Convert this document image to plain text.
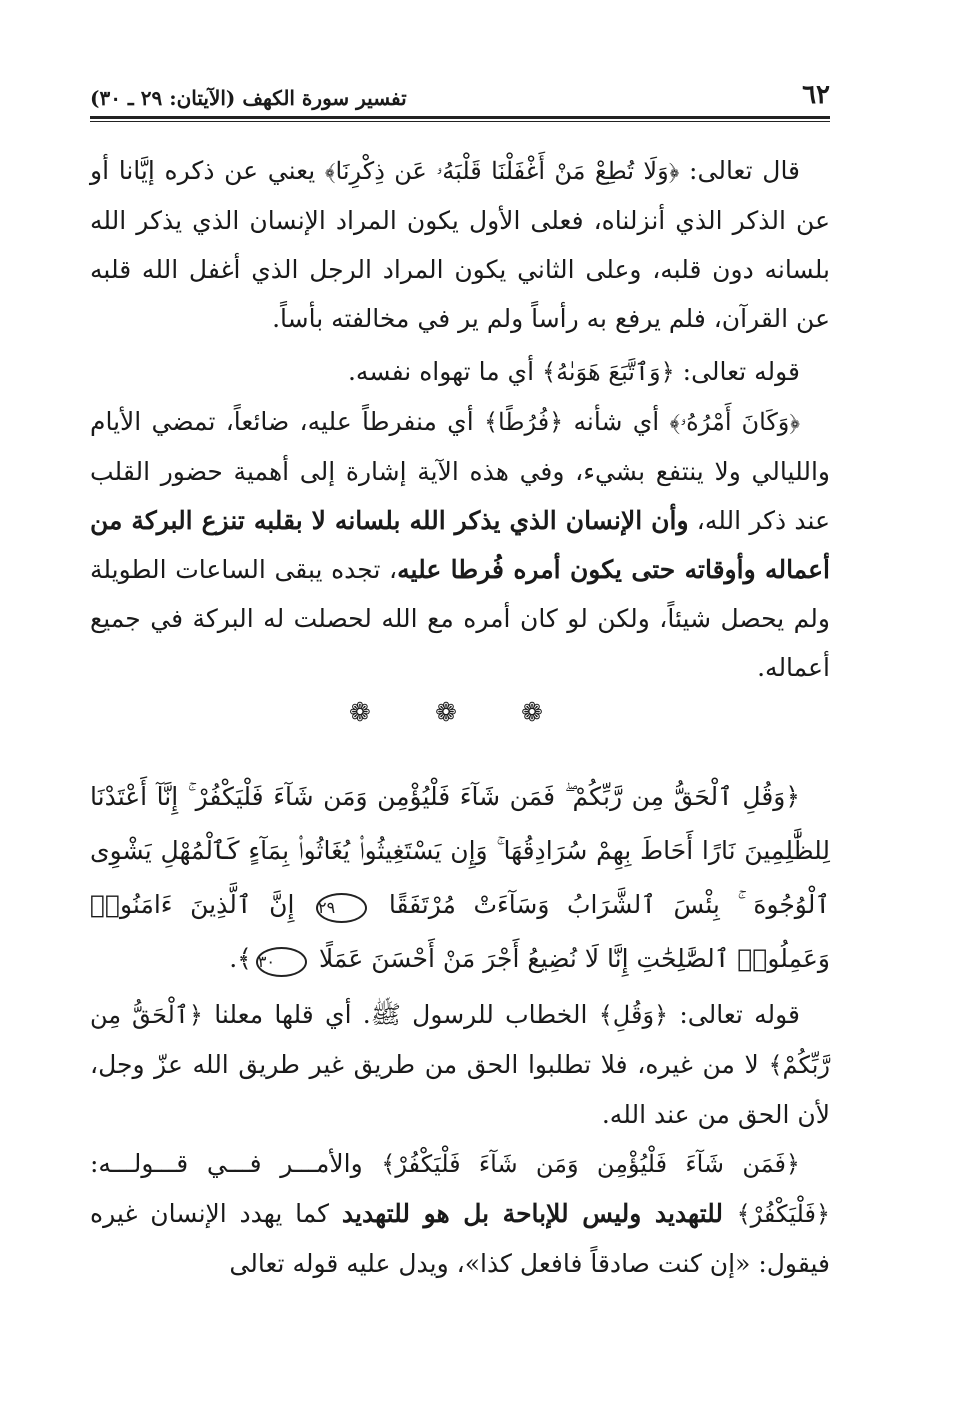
٦٢
تفسير سورة الكهف (الآيتان: ٢٩ ـ ٣٠)

قال تعالى: ﴿وَلَا تُطِعْ مَنْ أَغْفَلْنَا قَلْبَهُۥ عَن ذِكْرِنَا﴾ يعني عن ذكره إيَّانا أو عن الذكر الذي أنزلناه، فعلى الأول يكون المراد الإنسان الذي يذكر الله بلسانه دون قلبه، وعلى الثاني يكون المراد الرجل الذي أغفل الله قلبه عن القرآن، فلم يرفع به رأساً ولم ير في مخالفته بأساً.

قوله تعالى: ﴿وَٱتَّبَعَ هَوَىٰهُ﴾ أي ما تهواه نفسه.

﴿وَكَانَ أَمْرُهُۥ﴾ أي شأنه ﴿فُرُطًا﴾ أي منفرطاً عليه، ضائعاً، تمضي الأيام والليالي ولا ينتفع بشيء، وفي هذه الآية إشارة إلى أهمية حضور القلب عند ذكر الله، وأن الإنسان الذي يذكر الله بلسانه لا بقلبه تنزع البركة من أعماله وأوقاته حتى يكون أمره فُرطا عليه، تجده يبقى الساعات الطويلة ولم يحصل شيئاً، ولكن لو كان أمره مع الله لحصلت له البركة في جميع أعماله.

❁ ❁ ❁

﴿وَقُلِ ٱلْحَقُّ مِن رَّبِّكُمْ ۖ فَمَن شَآءَ فَلْيُؤْمِن وَمَن شَآءَ فَلْيَكْفُرْ ۚ إِنَّآ أَعْتَدْنَا لِلظَّٰلِمِينَ نَارًا أَحَاطَ بِهِمْ سُرَادِقُهَا ۚ وَإِن يَسْتَغِيثُوا۟ يُغَاثُوا۟ بِمَآءٍ كَٱلْمُهْلِ يَشْوِى ٱلْوُجُوهَ ۚ بِئْسَ ٱلشَّرَابُ وَسَآءَتْ مُرْتَفَقًا ٢٩ إِنَّ ٱلَّذِينَ ءَامَنُوا۟ وَعَمِلُوا۟ ٱلصَّٰلِحَٰتِ إِنَّا لَا نُضِيعُ أَجْرَ مَنْ أَحْسَنَ عَمَلًا ٣٠﴾.

قوله تعالى: ﴿وَقُلِ﴾ الخطاب للرسول ﷺ. أي قلها معلنا ﴿ٱلْحَقُّ مِن رَّبِّكُمْ﴾ لا من غيره، فلا تطلبوا الحق من طريق غير طريق الله عزّ وجل، لأن الحق من عند الله.

﴿فَمَن شَآءَ فَلْيُؤْمِن وَمَن شَآءَ فَلْيَكْفُرْ﴾ والأمـــر فـــي قـــولـــه: ﴿فَلْيَكْفُرْ﴾ للتهديد وليس للإباحة بل هو للتهديد كما يهدد الإنسان غيره فيقول: «إن كنت صادقاً فافعل كذا»، ويدل عليه قوله تعالى
